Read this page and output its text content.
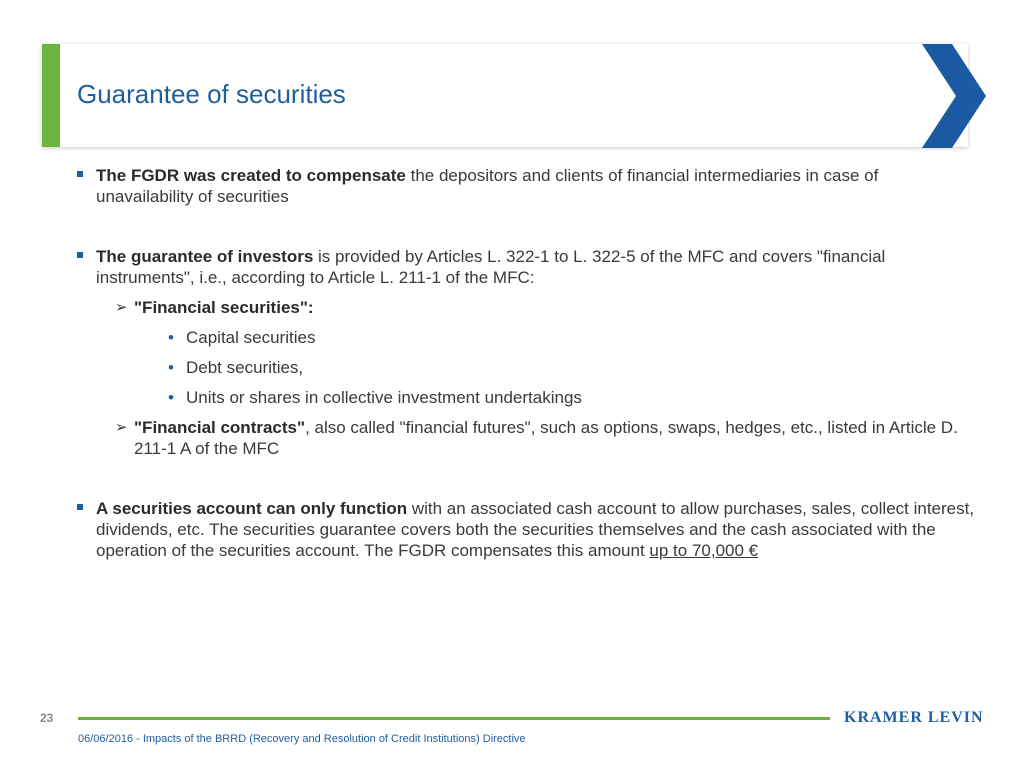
Guarantee of securities
The FGDR was created to compensate the depositors and clients of financial intermediaries in case of unavailability of securities
The guarantee of investors is provided by Articles L. 322-1 to L. 322-5 of the MFC and covers "financial instruments", i.e., according to Article L. 211-1 of the MFC:
➢ "Financial securities":
• Capital securities
• Debt securities,
• Units or shares in collective investment undertakings
➢ "Financial contracts", also called "financial futures", such as options, swaps, hedges, etc., listed in Article D. 211-1 A of the MFC
A securities account can only function with an associated cash account to allow purchases, sales, collect interest, dividends, etc. The securities guarantee covers both the securities themselves and the cash associated with the operation of the securities account. The FGDR compensates this amount up to 70,000 €
23	KRAMER LEVIN
06/06/2016 - Impacts of the BRRD (Recovery and Resolution of Credit Institutions) Directive
